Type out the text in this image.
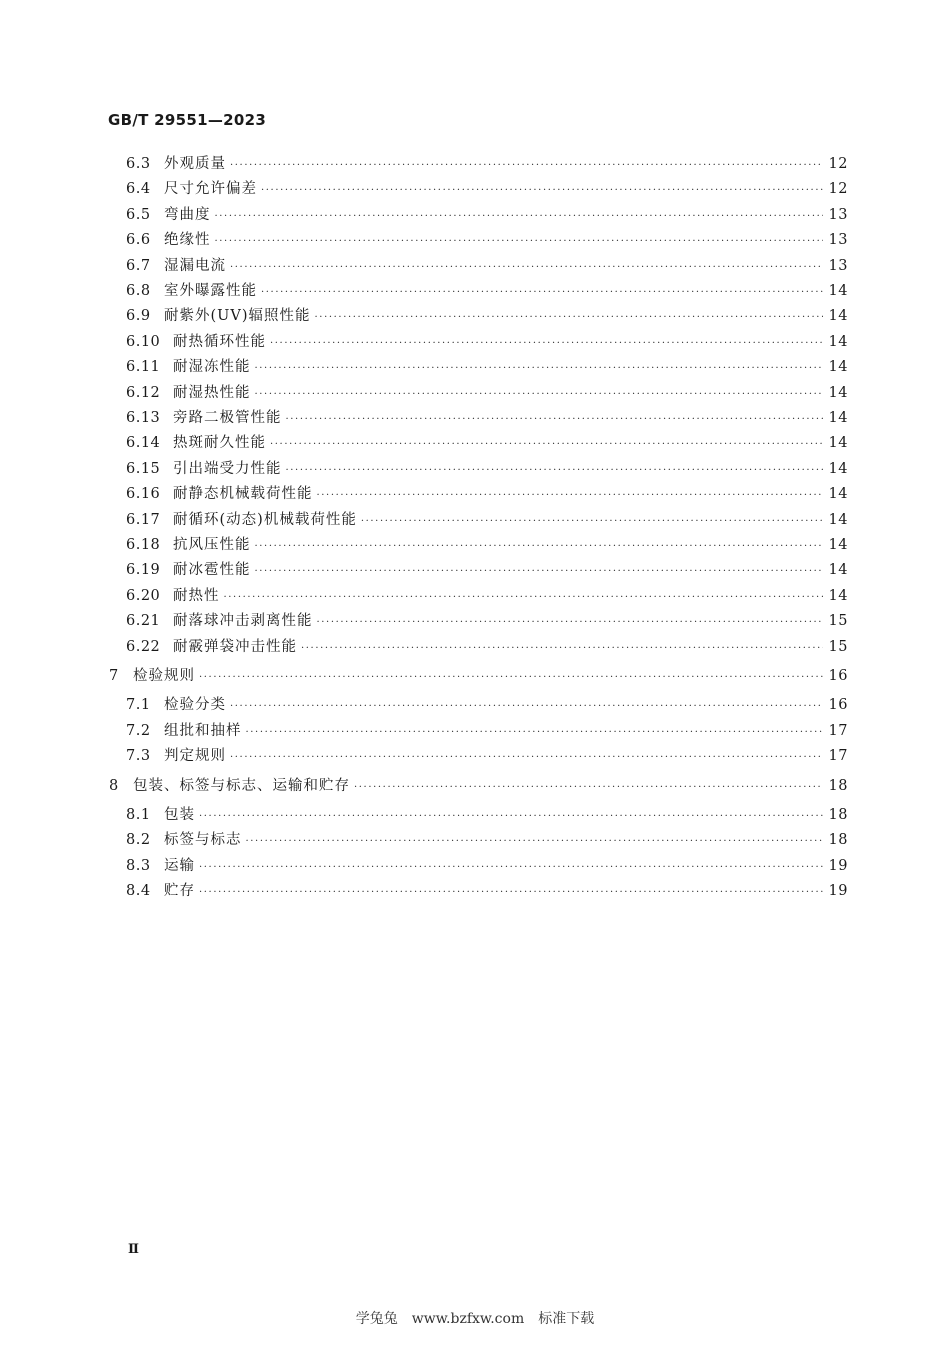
GB/T 29551—2023
6.3 外观质量 ·····	12
6.4 尺寸允许偏差 ·····	12
6.5 弯曲度 ·····	13
6.6 绝缘性 ·····	13
6.7 湿漏电流 ·····	13
6.8 室外曝露性能 ·····	14
6.9 耐紫外(UV)辐照性能 ·····	14
6.10 耐热循环性能 ·····	14
6.11 耐湿冻性能 ·····	14
6.12 耐湿热性能 ·····	14
6.13 旁路二极管性能 ·····	14
6.14 热斑耐久性能 ·····	14
6.15 引出端受力性能 ·····	14
6.16 耐静态机械载荷性能 ·····	14
6.17 耐循环(动态)机械载荷性能 ·····	14
6.18 抗风压性能 ·····	14
6.19 耐冰雹性能 ·····	14
6.20 耐热性 ·····	14
6.21 耐落球冲击剥离性能 ·····	15
6.22 耐霰弹袋冲击性能 ·····	15
7 检验规则 ·····	16
7.1 检验分类 ·····	16
7.2 组批和抽样 ·····	17
7.3 判定规则 ·····	17
8 包装、标签与标志、运输和贮存 ·····	18
8.1 包装 ·····	18
8.2 标签与标志 ·····	18
8.3 运输 ·····	19
8.4 贮存 ·····	19
Ⅱ
学兔兔　www.bzfxw.com　标准下载
